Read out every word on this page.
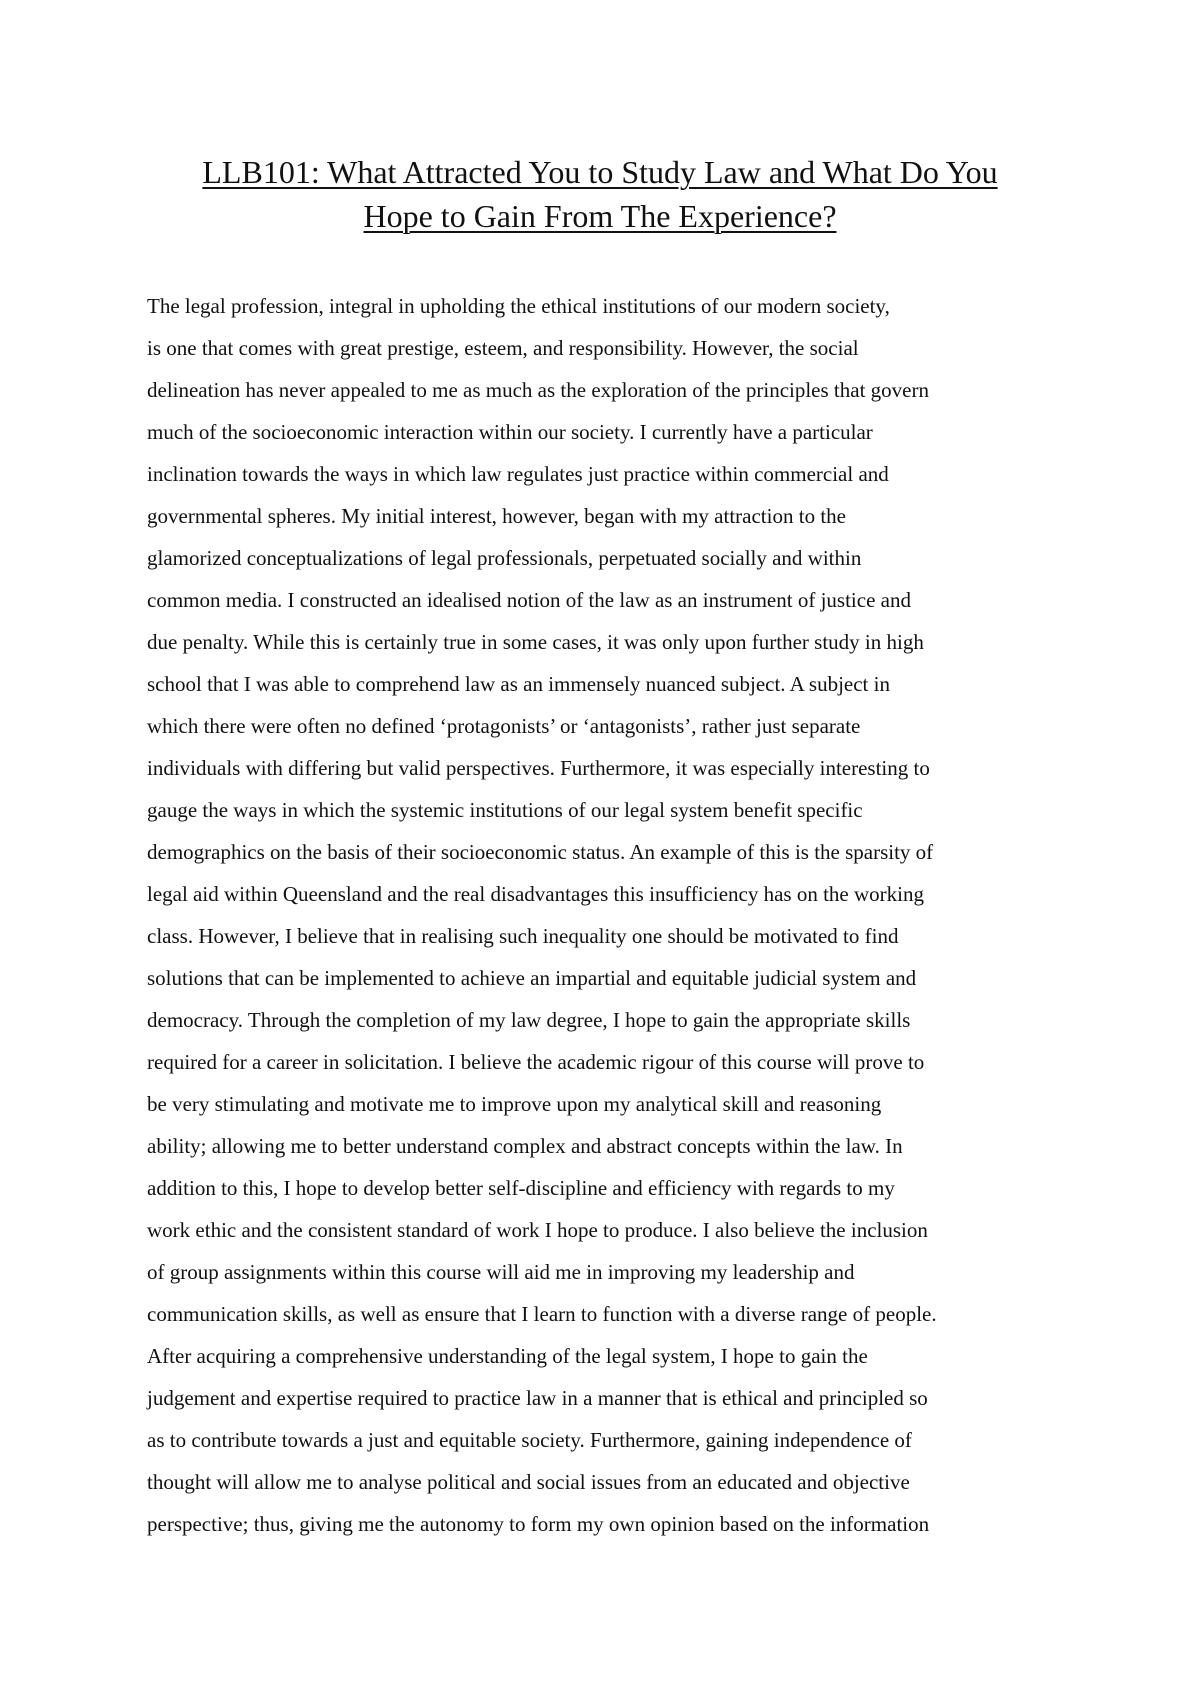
LLB101: What Attracted You to Study Law and What Do You
Hope to Gain From The Experience?

The legal profession, integral in upholding the ethical institutions of our modern society,
is one that comes with great prestige, esteem, and responsibility. However, the social
delineation has never appealed to me as much as the exploration of the principles that govern
much of the socioeconomic interaction within our society. I currently have a particular
inclination towards the ways in which law regulates just practice within commercial and
governmental spheres. My initial interest, however, began with my attraction to the
glamorized conceptualizations of legal professionals, perpetuated socially and within
common media. I constructed an idealised notion of the law as an instrument of justice and
due penalty. While this is certainly true in some cases, it was only upon further study in high
school that I was able to comprehend law as an immensely nuanced subject. A subject in
which there were often no defined ‘protagonists’ or ‘antagonists’, rather just separate
individuals with differing but valid perspectives. Furthermore, it was especially interesting to
gauge the ways in which the systemic institutions of our legal system benefit specific
demographics on the basis of their socioeconomic status. An example of this is the sparsity of
legal aid within Queensland and the real disadvantages this insufficiency has on the working
class. However, I believe that in realising such inequality one should be motivated to find
solutions that can be implemented to achieve an impartial and equitable judicial system and
democracy. Through the completion of my law degree, I hope to gain the appropriate skills
required for a career in solicitation. I believe the academic rigour of this course will prove to
be very stimulating and motivate me to improve upon my analytical skill and reasoning
ability; allowing me to better understand complex and abstract concepts within the law. In
addition to this, I hope to develop better self-discipline and efficiency with regards to my
work ethic and the consistent standard of work I hope to produce. I also believe the inclusion
of group assignments within this course will aid me in improving my leadership and
communication skills, as well as ensure that I learn to function with a diverse range of people.
After acquiring a comprehensive understanding of the legal system, I hope to gain the
judgement and expertise required to practice law in a manner that is ethical and principled so
as to contribute towards a just and equitable society. Furthermore, gaining independence of
thought will allow me to analyse political and social issues from an educated and objective
perspective; thus, giving me the autonomy to form my own opinion based on the information
